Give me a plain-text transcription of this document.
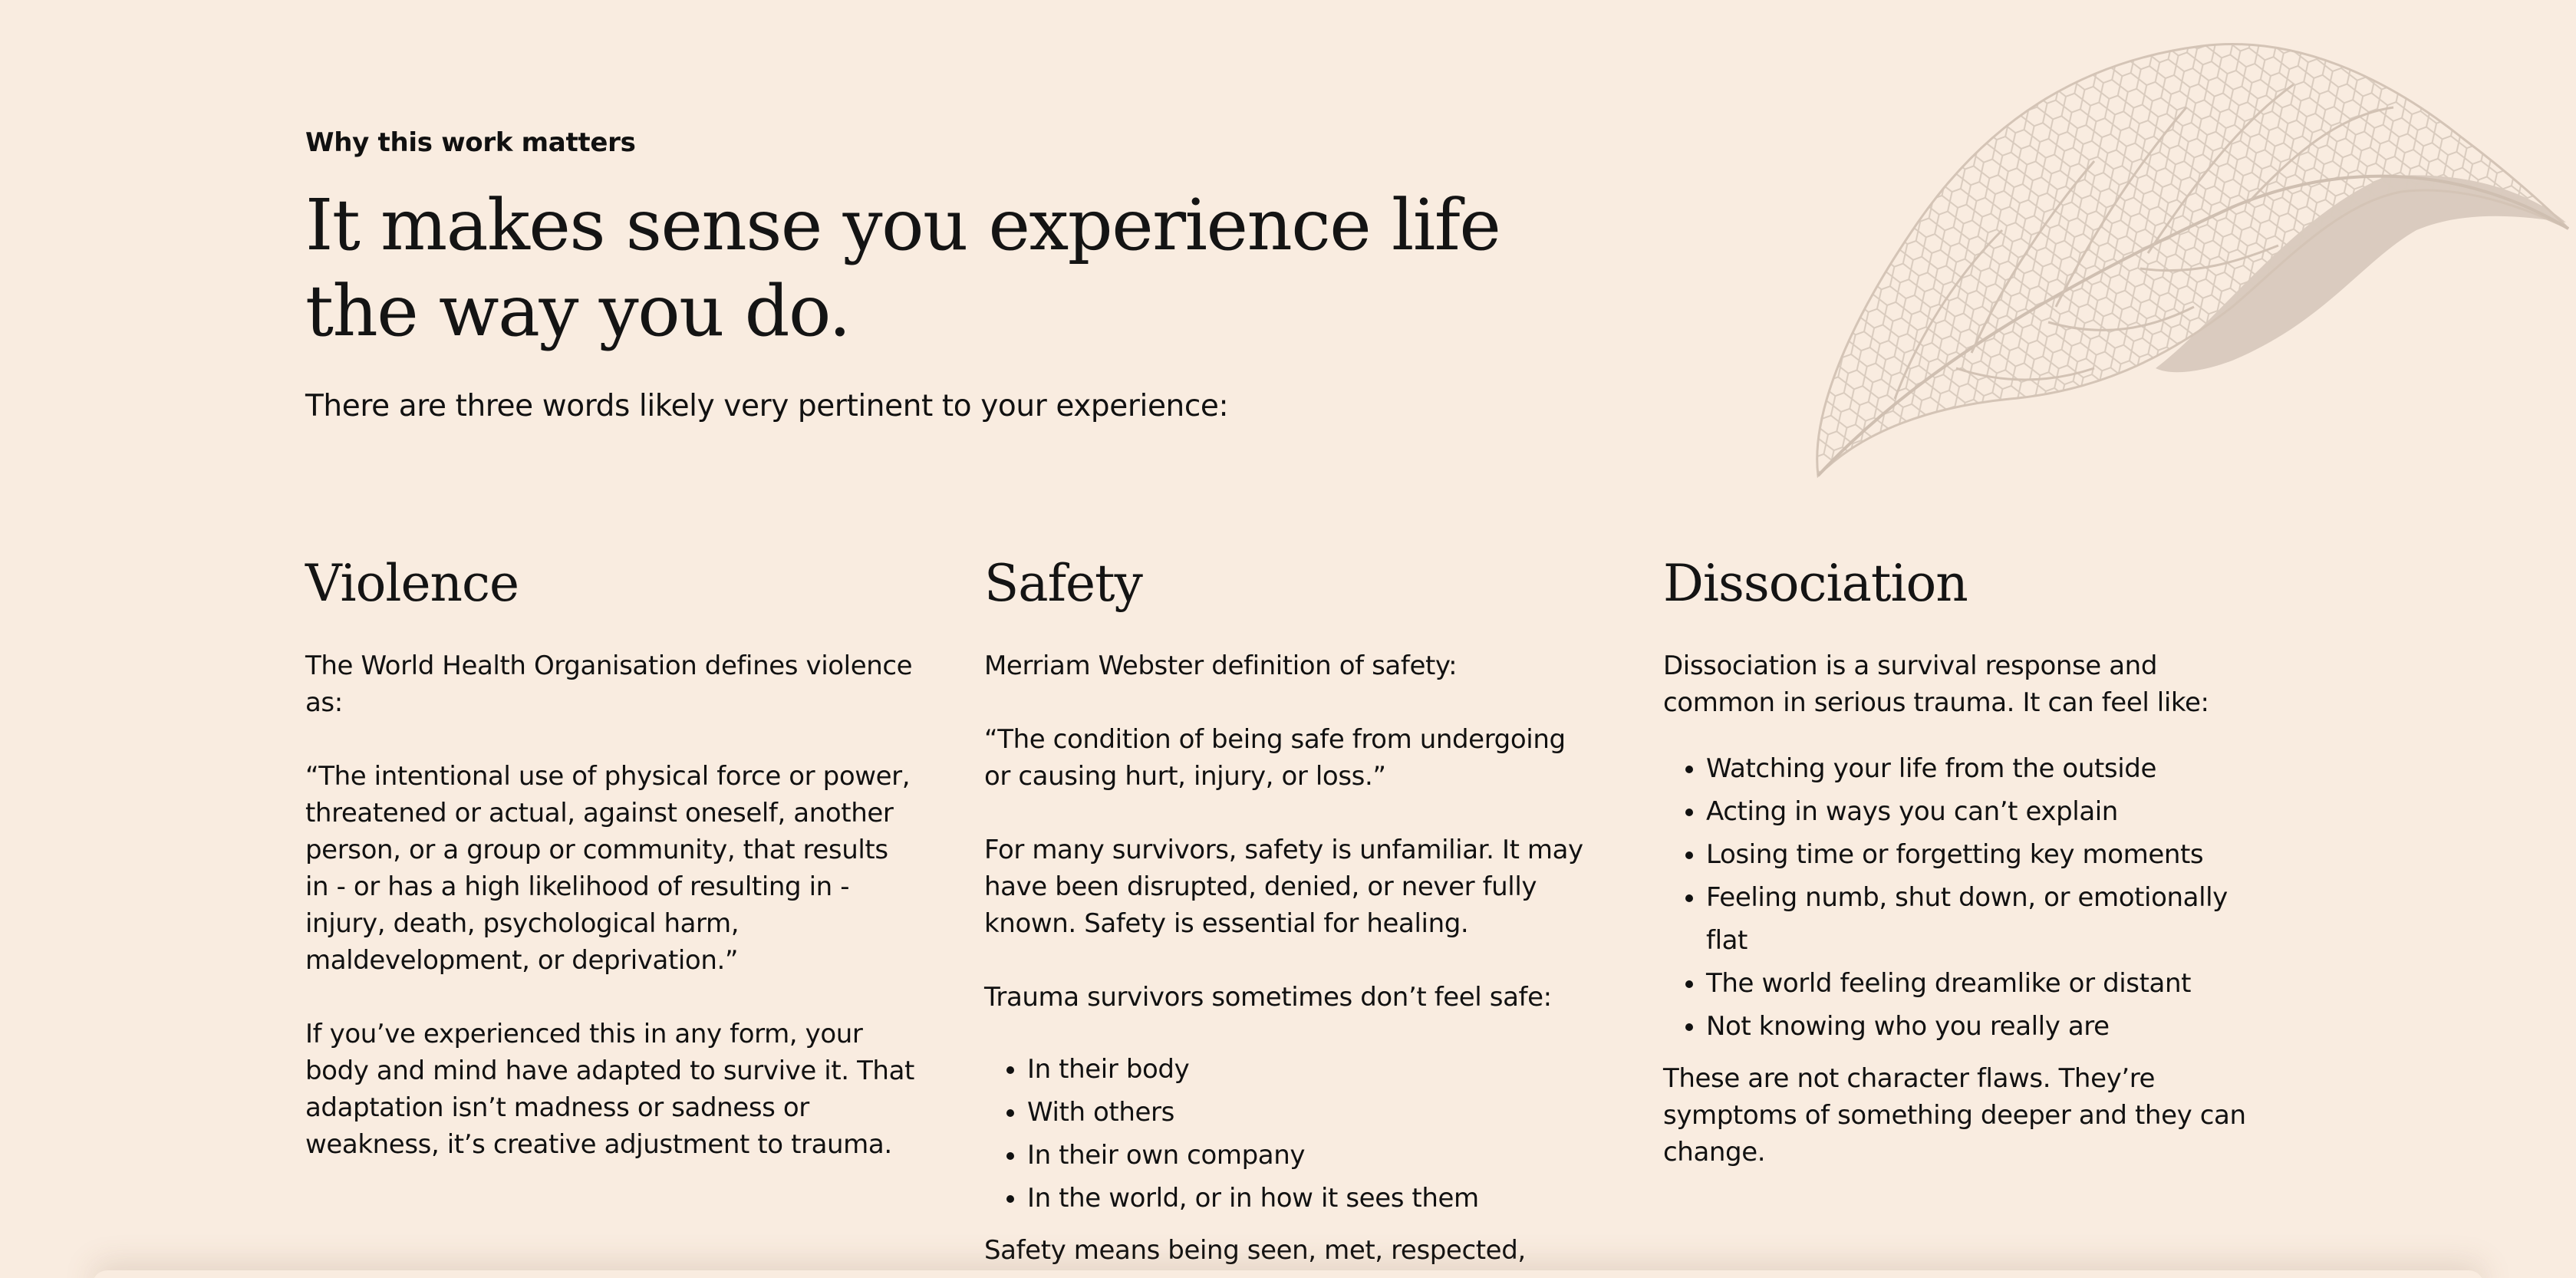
Why this work matters
It makes sense you experience life the way you do.
There are three words likely very pertinent to your experience:
Violence

The World Health Organisation defines violence as:

“The intentional use of physical force or power, threatened or actual, against oneself, another person, or a group or community, that results in - or has a high likelihood of resulting in - injury, death, psychological harm, maldevelopment, or deprivation.”

If you’ve experienced this in any form, your body and mind have adapted to survive it. That adaptation isn’t madness or sadness or weakness, it’s creative adjustment to trauma.

Safety

Merriam Webster definition of safety:

“The condition of being safe from undergoing or causing hurt, injury, or loss.”

For many survivors, safety is unfamiliar. It may have been disrupted, denied, or never fully known. Safety is essential for healing.

Trauma survivors sometimes don’t feel safe:

• In their body
• With others
• In their own company
• In the world, or in how it sees them

Safety means being seen, met, respected,

Dissociation

Dissociation is a survival response and common in serious trauma. It can feel like:

• Watching your life from the outside
• Acting in ways you can’t explain
• Losing time or forgetting key moments
• Feeling numb, shut down, or emotionally flat
• The world feeling dreamlike or distant
• Not knowing who you really are

These are not character flaws. They’re symptoms of something deeper and they can change.
